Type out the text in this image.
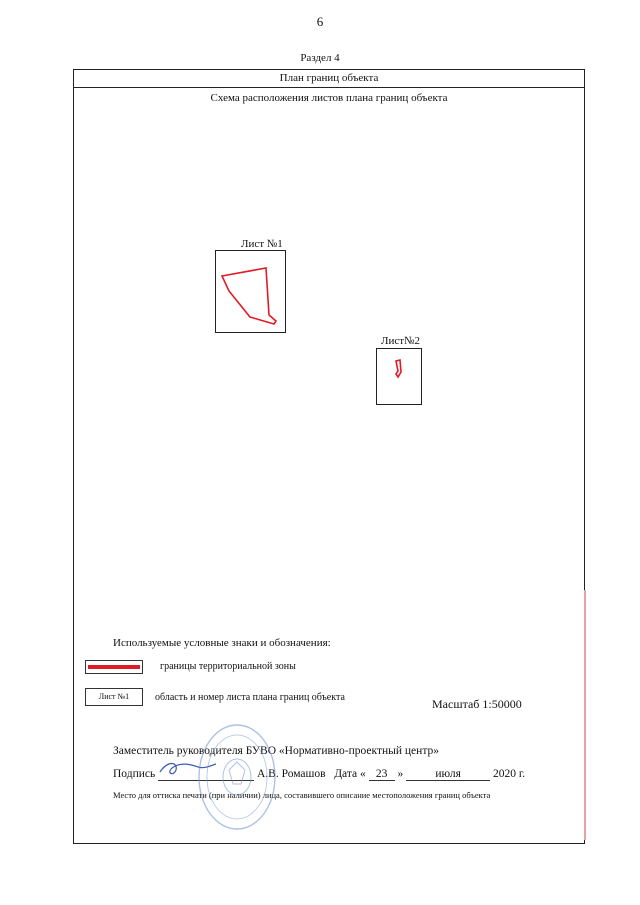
6
Раздел 4
План границ объекта
Схема расположения листов плана границ объекта
Лист №1
Лист№2
Используемые условные знаки и обозначения:
границы территориальной зоны
Лист №1	область и номер листа плана границ объекта	Масштаб 1:50000
Заместитель руководителя БУВО «Нормативно-проектный центр»
Подпись	А.В. Ромашов Дата « 23 »	июля	2020 г.
Место для оттиска печати (при наличии) лица, составившего описание местоположения границ объекта
